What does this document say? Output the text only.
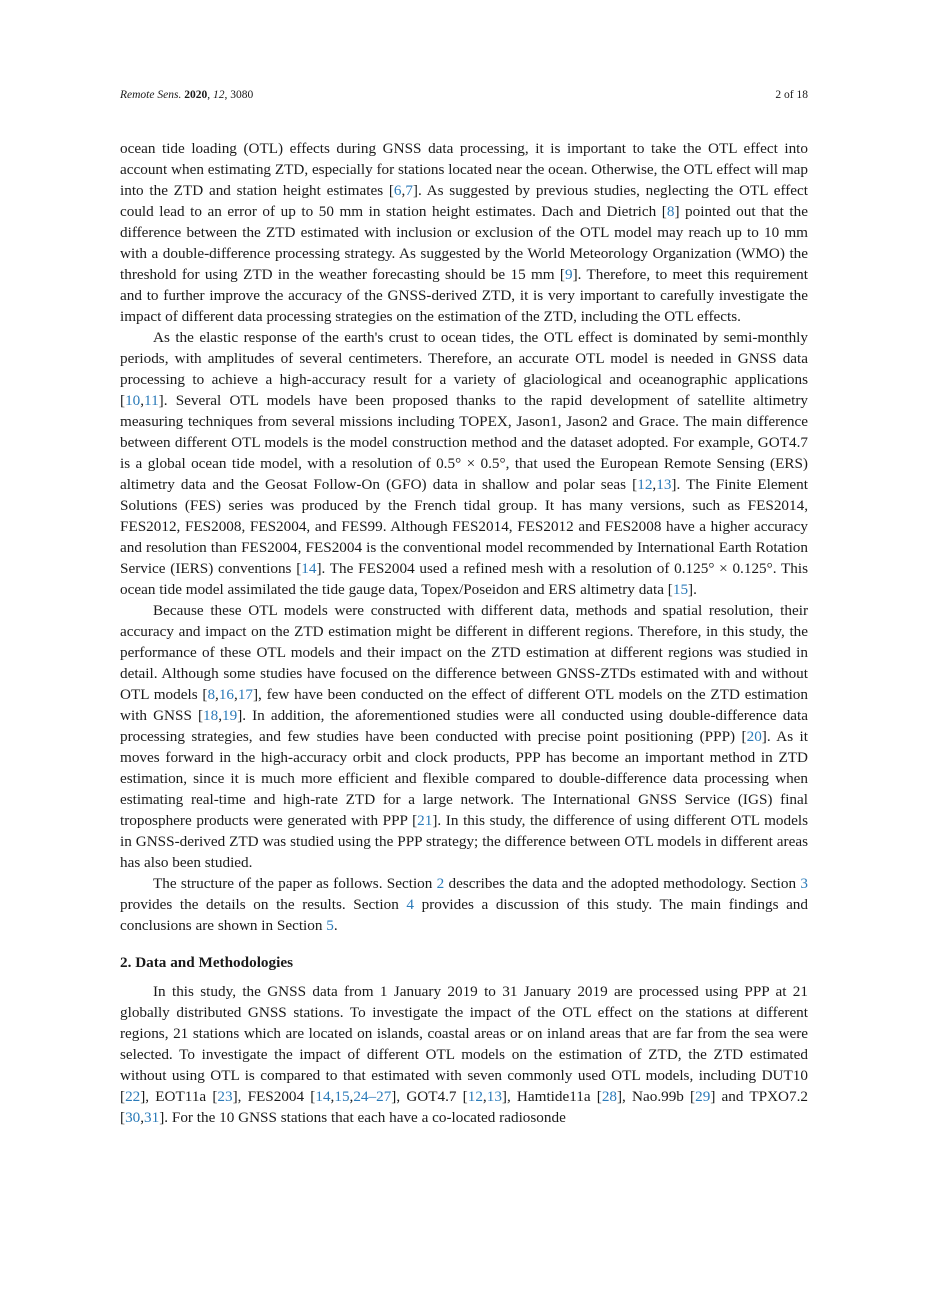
Remote Sens. 2020, 12, 3080	2 of 18

ocean tide loading (OTL) effects during GNSS data processing, it is important to take the OTL effect into account when estimating ZTD, especially for stations located near the ocean. Otherwise, the OTL effect will map into the ZTD and station height estimates [6,7]. As suggested by previous studies, neglecting the OTL effect could lead to an error of up to 50 mm in station height estimates. Dach and Dietrich [8] pointed out that the difference between the ZTD estimated with inclusion or exclusion of the OTL model may reach up to 10 mm with a double-difference processing strategy. As suggested by the World Meteorology Organization (WMO) the threshold for using ZTD in the weather forecasting should be 15 mm [9]. Therefore, to meet this requirement and to further improve the accuracy of the GNSS-derived ZTD, it is very important to carefully investigate the impact of different data processing strategies on the estimation of the ZTD, including the OTL effects.

As the elastic response of the earth's crust to ocean tides, the OTL effect is dominated by semi-monthly periods, with amplitudes of several centimeters. Therefore, an accurate OTL model is needed in GNSS data processing to achieve a high-accuracy result for a variety of glaciological and oceanographic applications [10,11]. Several OTL models have been proposed thanks to the rapid development of satellite altimetry measuring techniques from several missions including TOPEX, Jason1, Jason2 and Grace. The main difference between different OTL models is the model construction method and the dataset adopted. For example, GOT4.7 is a global ocean tide model, with a resolution of 0.5° × 0.5°, that used the European Remote Sensing (ERS) altimetry data and the Geosat Follow-On (GFO) data in shallow and polar seas [12,13]. The Finite Element Solutions (FES) series was produced by the French tidal group. It has many versions, such as FES2014, FES2012, FES2008, FES2004, and FES99. Although FES2014, FES2012 and FES2008 have a higher accuracy and resolution than FES2004, FES2004 is the conventional model recommended by International Earth Rotation Service (IERS) conventions [14]. The FES2004 used a refined mesh with a resolution of 0.125° × 0.125°. This ocean tide model assimilated the tide gauge data, Topex/Poseidon and ERS altimetry data [15].

Because these OTL models were constructed with different data, methods and spatial resolution, their accuracy and impact on the ZTD estimation might be different in different regions. Therefore, in this study, the performance of these OTL models and their impact on the ZTD estimation at different regions was studied in detail. Although some studies have focused on the difference between GNSS-ZTDs estimated with and without OTL models [8,16,17], few have been conducted on the effect of different OTL models on the ZTD estimation with GNSS [18,19]. In addition, the aforementioned studies were all conducted using double-difference data processing strategies, and few studies have been conducted with precise point positioning (PPP) [20]. As it moves forward in the high-accuracy orbit and clock products, PPP has become an important method in ZTD estimation, since it is much more efficient and flexible compared to double-difference data processing when estimating real-time and high-rate ZTD for a large network. The International GNSS Service (IGS) final troposphere products were generated with PPP [21]. In this study, the difference of using different OTL models in GNSS-derived ZTD was studied using the PPP strategy; the difference between OTL models in different areas has also been studied.

The structure of the paper as follows. Section 2 describes the data and the adopted methodology. Section 3 provides the details on the results. Section 4 provides a discussion of this study. The main findings and conclusions are shown in Section 5.

2. Data and Methodologies

In this study, the GNSS data from 1 January 2019 to 31 January 2019 are processed using PPP at 21 globally distributed GNSS stations. To investigate the impact of the OTL effect on the stations at different regions, 21 stations which are located on islands, coastal areas or on inland areas that are far from the sea were selected. To investigate the impact of different OTL models on the estimation of ZTD, the ZTD estimated without using OTL is compared to that estimated with seven commonly used OTL models, including DUT10 [22], EOT11a [23], FES2004 [14,15,24–27], GOT4.7 [12,13], Hamtide11a [28], Nao.99b [29] and TPXO7.2 [30,31]. For the 10 GNSS stations that each have a co-located radiosonde
